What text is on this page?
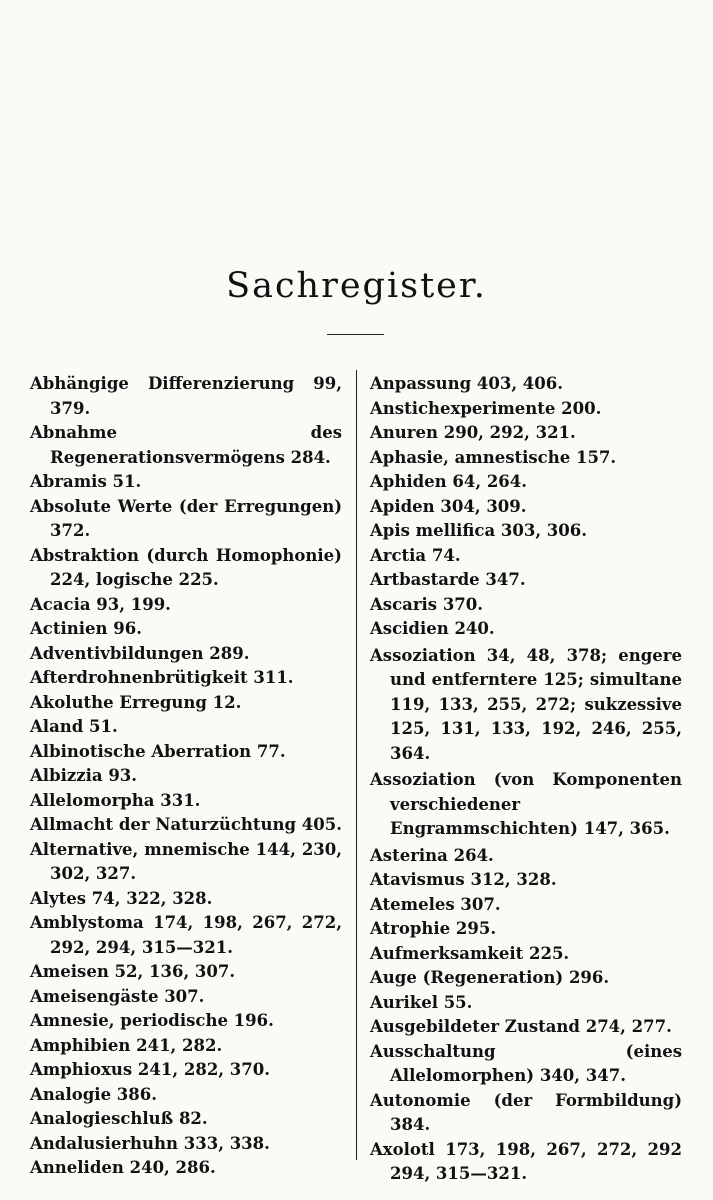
Sachregister.
Abhängige Differenzierung 99, 379.
Abnahme des Regenerationsvermögens 284.
Abramis 51.
Absolute Werte (der Erregungen) 372.
Abstraktion (durch Homophonie) 224, logische 225.
Acacia 93, 199.
Actinien 96.
Adventivbildungen 289.
Afterdrohnenbrütigkeit 311.
Akoluthe Erregung 12.
Aland 51.
Albinotische Aberration 77.
Albizzia 93.
Allelomorpha 331.
Allmacht der Naturzüchtung 405.
Alternative, mnemische 144, 230, 302, 327.
Alytes 74, 322, 328.
Amblystoma 174, 198, 267, 272, 292, 294, 315—321.
Ameisen 52, 136, 307.
Ameisengäste 307.
Amnesie, periodische 196.
Amphibien 241, 282.
Amphioxus 241, 282, 370.
Analogie 386.
Analogieschluß 82.
Andalusierhuhn 333, 338.
Anneliden 240, 286.
Anpassung 403, 406.
Anstichexperimente 200.
Anuren 290, 292, 321.
Aphasie, amnestische 157.
Aphiden 64, 264.
Apiden 304, 309.
Apis mellifica 303, 306.
Arctia 74.
Artbastarde 347.
Ascaris 370.
Ascidien 240.
Assoziation 34, 48, 378; engere und entferntere 125; simultane 119, 133, 255, 272; sukzessive 125, 131, 133, 192, 246, 255, 364.
Assoziation (von Komponenten verschiedener Engrammschichten) 147, 365.
Asterina 264.
Atavismus 312, 328.
Atemeles 307.
Atrophie 295.
Aufmerksamkeit 225.
Auge (Regeneration) 296.
Aurikel 55.
Ausgebildeter Zustand 274, 277.
Ausschaltung (eines Allelomorphen) 340, 347.
Autonomie (der Formbildung) 384.
Axolotl 173, 198, 267, 272, 292 294, 315—321.
